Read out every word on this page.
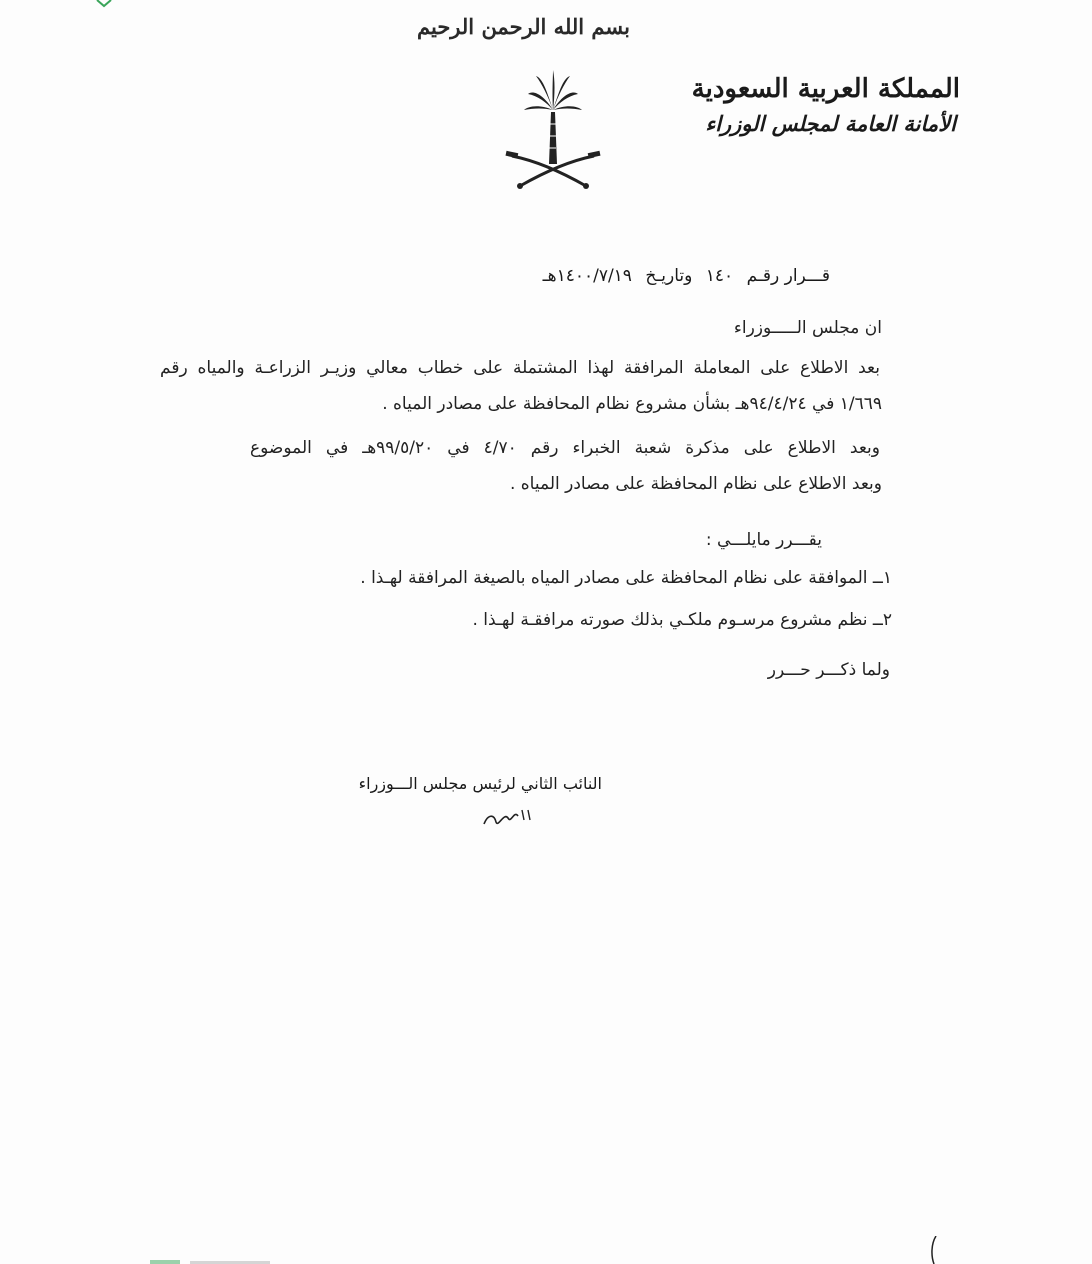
بسم الله الرحمن الرحيم
المملكة العربية السعودية
الأمانة العامة لمجلس الوزراء
قـــرار رقـم ١٤٠ وتاريـخ ١٤٠٠/٧/١٩هـ
ان مجلس الـــــوزراء
بعد الاطلاع على المعاملة المرافقة لهذا المشتملة على خطاب معالي وزيـر الزراعـة والمياه رقم
١/٦٦٩ في ٩٤/٤/٢٤هـ بشأن مشروع نظام المحافظة على مصادر المياه .
وبعد الاطلاع على مذكرة شعبة الخبراء رقم ٤/٧٠ في ٩٩/٥/٢٠هـ في الموضوع
وبعد الاطلاع على نظام المحافظة على مصادر المياه .
يقـــرر مايلـــي :
١ــ الموافقة على نظام المحافظة على مصادر المياه بالصيغة المرافقة لهـذا .
٢ــ نظم مشروع مرسـوم ملكـي بذلك صورته مرافقـة لهـذا .
ولما ذكـــر حـــرر
النائب الثاني لرئيس مجلس الـــوزراء
